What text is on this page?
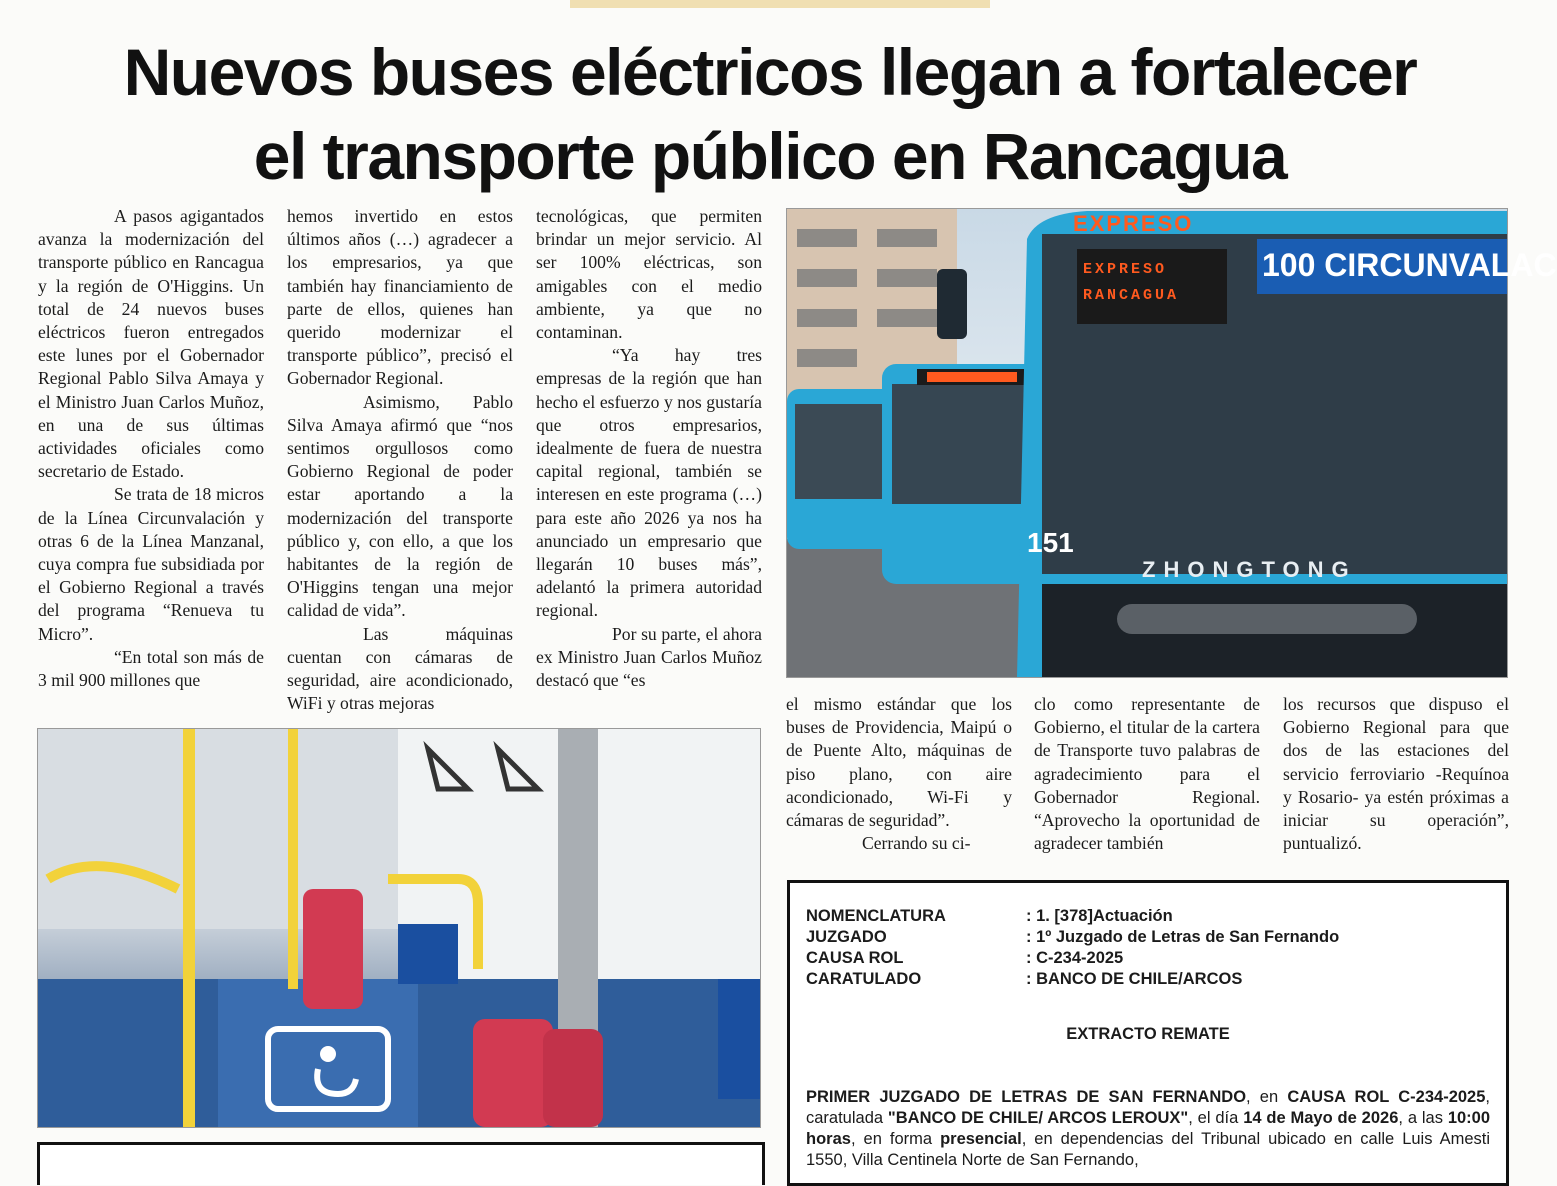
Nuevos buses eléctricos llegan a fortalecer
el transporte público en Rancagua

A pasos agigantados avanza la modernización del transporte público en Rancagua y la región de O'Higgins. Un total de 24 nuevos buses eléctricos fueron entregados este lunes por el Gobernador Regional Pablo Silva Amaya y el Ministro Juan Carlos Muñoz, en una de sus últimas actividades oficiales como secretario de Estado.

Se trata de 18 micros de la Línea Circunvalación y otras 6 de la Línea Manzanal, cuya compra fue subsidiada por el Gobierno Regional a través del programa “Renueva tu Micro”.

“En total son más de 3 mil 900 millones que

hemos invertido en estos últimos años (…) agradecer a los empresarios, ya que también hay financiamiento de parte de ellos, quienes han querido modernizar el transporte público”, precisó el Gobernador Regional.

Asimismo, Pablo Silva Amaya afirmó que “nos sentimos orgullosos como Gobierno Regional de poder estar aportando a la modernización del transporte público y, con ello, a que los habitantes de la región de O'Higgins tengan una mejor calidad de vida”.

Las máquinas cuentan con cámaras de seguridad, aire acondicionado, WiFi y otras mejoras

tecnológicas, que permiten brindar un mejor servicio. Al ser 100% eléctricas, son amigables con el medio ambiente, ya que no contaminan.

“Ya hay tres empresas de la región que han hecho el esfuerzo y nos gustaría que otros empresarios, idealmente de fuera de nuestra capital regional, también se interesen en este programa (…) para este año 2026 ya nos ha anunciado un empresario que llegarán 10 buses más”, adelantó la primera autoridad regional.

Por su parte, el ahora ex Ministro Juan Carlos Muñoz destacó que “es

el mismo estándar que los buses de Providencia, Maipú o de Puente Alto, máquinas de piso plano, con aire acondicionado, Wi-Fi y cámaras de seguridad”.

Cerrando su ci-

clo como representante de Gobierno, el titular de la cartera de Transporte tuvo palabras de agradecimiento para el Gobernador Regional. “Aprovecho la oportunidad de agradecer también

los recursos que dispuso el Gobierno Regional para que dos de las estaciones del servicio ferroviario -Requínoa y Rosario- ya estén próximas a iniciar su operación”, puntualizó.

EXPRESO
100 CIRCUNVALAC
EXPRESO RANCAGUA
151
ZHONGTONG
NOMENCLATURA	: 1. [378]Actuación
JUZGADO	: 1º Juzgado de Letras de San Fernando
CAUSA ROL	: C-234-2025
CARATULADO	: BANCO DE CHILE/ARCOS
EXTRACTO REMATE
PRIMER JUZGADO DE LETRAS DE SAN FERNANDO, en CAUSA ROL C-234-2025, caratulada "BANCO DE CHILE/ ARCOS LEROUX", el día 14 de Mayo de 2026, a las 10:00 horas, en forma presencial, en dependencias del Tribunal ubicado en calle Luis Amesti 1550, Villa Centinela Norte de San Fernando,
